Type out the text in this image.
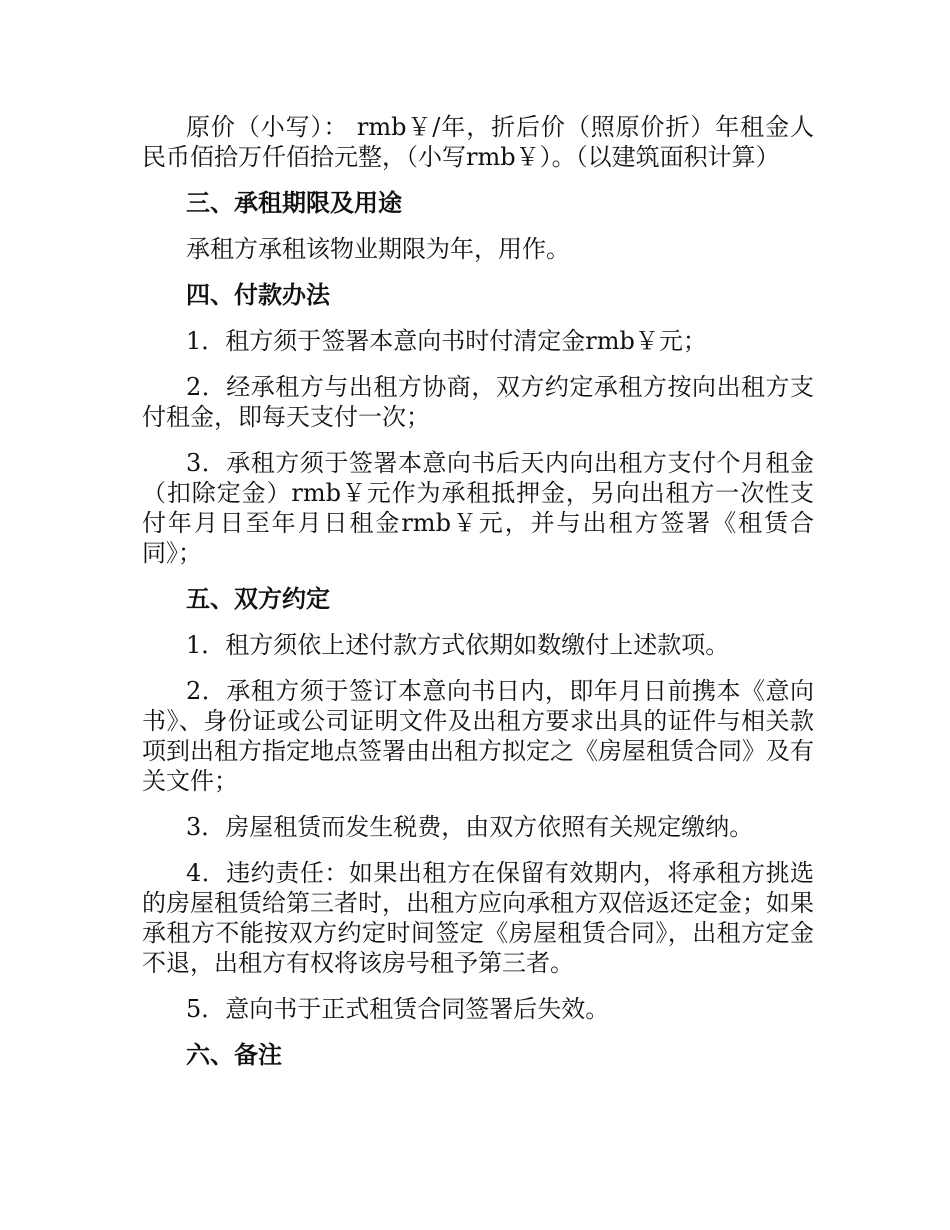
原价（小写）： rmb￥/年，折后价（照原价折）年租金人民币佰拾万仟佰拾元整，（小写rmb￥）。（以建筑面积计算）

三、承租期限及用途

承租方承租该物业期限为年，用作。

四、付款办法

1．租方须于签署本意向书时付清定金rmb￥元；

2．经承租方与出租方协商，双方约定承租方按向出租方支付租金，即每天支付一次；

3．承租方须于签署本意向书后天内向出租方支付个月租金（扣除定金）rmb￥元作为承租抵押金，另向出租方一次性支付年月日至年月日租金rmb￥元，并与出租方签署《租赁合同》；

五、双方约定

1．租方须依上述付款方式依期如数缴付上述款项。

2．承租方须于签订本意向书日内，即年月日前携本《意向书》、身份证或公司证明文件及出租方要求出具的证件与相关款项到出租方指定地点签署由出租方拟定之《房屋租赁合同》及有关文件；

3．房屋租赁而发生税费，由双方依照有关规定缴纳。

4．违约责任：如果出租方在保留有效期内，将承租方挑选的房屋租赁给第三者时，出租方应向承租方双倍返还定金；如果承租方不能按双方约定时间签定《房屋租赁合同》，出租方定金不退，出租方有权将该房号租予第三者。

5．意向书于正式租赁合同签署后失效。

六、备注
